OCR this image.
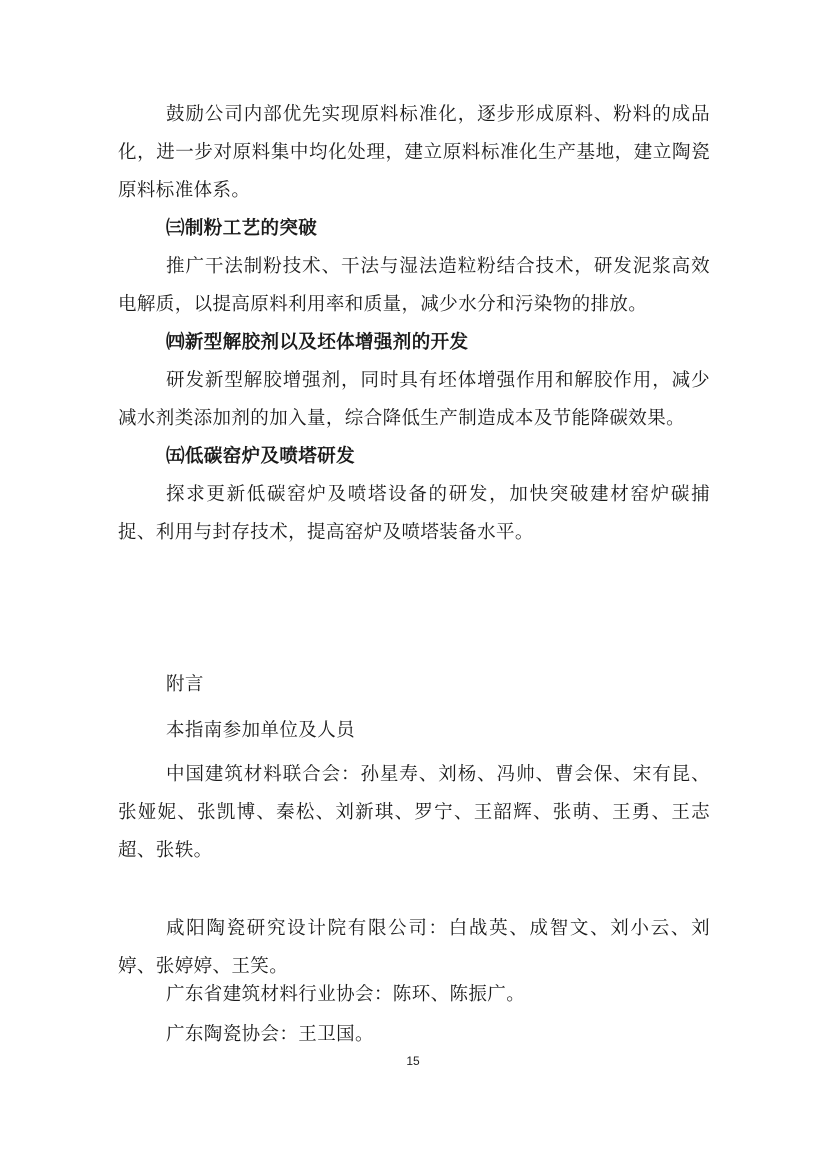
鼓励公司内部优先实现原料标准化，逐步形成原料、粉料的成品化，进一步对原料集中均化处理，建立原料标准化生产基地，建立陶瓷原料标准体系。

㈢制粉工艺的突破

推广干法制粉技术、干法与湿法造粒粉结合技术，研发泥浆高效电解质，以提高原料利用率和质量，减少水分和污染物的排放。

㈣新型解胶剂以及坯体增强剂的开发

研发新型解胶增强剂，同时具有坯体增强作用和解胶作用，减少减水剂类添加剂的加入量，综合降低生产制造成本及节能降碳效果。

㈤低碳窑炉及喷塔研发

探求更新低碳窑炉及喷塔设备的研发，加快突破建材窑炉碳捕捉、利用与封存技术，提高窑炉及喷塔装备水平。

附言

本指南参加单位及人员

中国建筑材料联合会：孙星寿、刘杨、冯帅、曹会保、宋有昆、张娅妮、张凯博、秦松、刘新琪、罗宁、王韶辉、张萌、王勇、王志超、张轶。

咸阳陶瓷研究设计院有限公司：白战英、成智文、刘小云、刘婷、张婷婷、王笑。

广东省建筑材料行业协会：陈环、陈振广。

广东陶瓷协会：王卫国。

15
